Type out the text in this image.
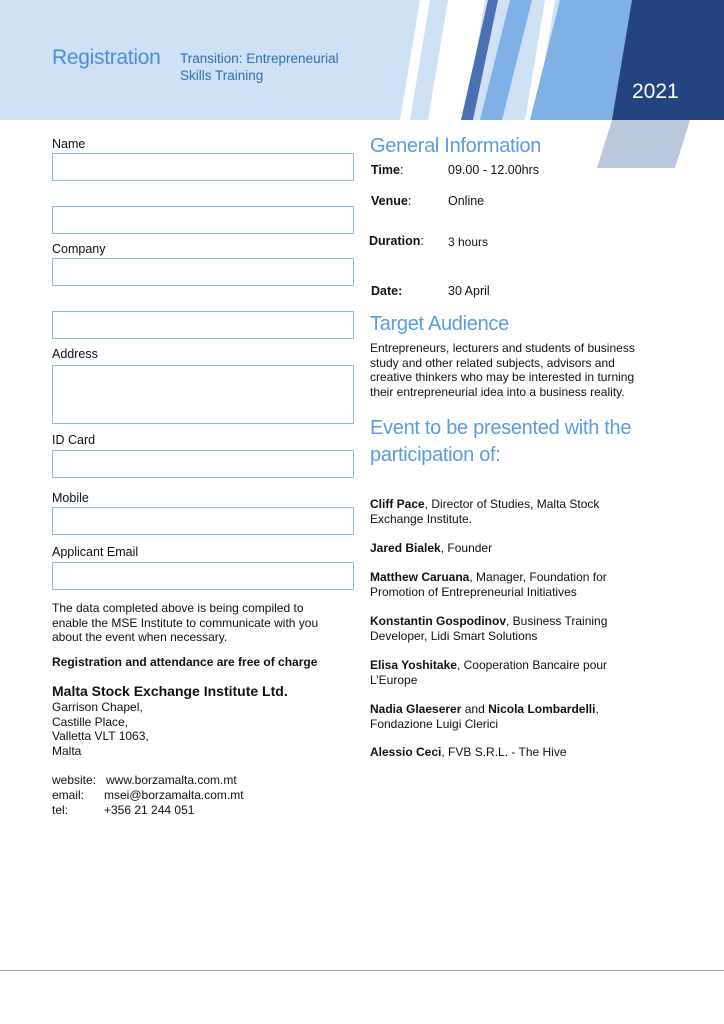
Registration Transition: Entrepreneurial Skills Training
2021
Name
Company
Address
ID Card
Mobile
Applicant Email
The data completed above is being compiled to enable the MSE Institute to communicate with you about the event when necessary.
Registration and attendance are free of charge
Malta Stock Exchange Institute Ltd.
Garrison Chapel,
Castille Place,
Valletta VLT 1063,
Malta
website: www.borzamalta.com.mt
email: msei@borzamalta.com.mt
tel:	+356 21 244 051
General Information
Time:	09.00 - 12.00hrs
Venue:	Online
Duration: 3 hours
Date:	30 April
Target Audience
Entrepreneurs, lecturers and students of business study and other related subjects, advisors and creative thinkers who may be interested in turning their entrepreneurial idea into a business reality.
Event to be presented with the
participation of:
Cliff Pace, Director of Studies, Malta Stock Exchange Institute.
Jared Bialek, Founder
Matthew Caruana, Manager, Foundation for Promotion of Entrepreneurial Initiatives
Konstantin Gospodinov, Business Training Developer, Lidi Smart Solutions
Elisa Yoshitake, Cooperation Bancaire pour L’Europe
Nadia Glaeserer and Nicola Lombardelli, Fondazione Luigi Clerici
Alessio Ceci, FVB S.R.L. - The Hive
